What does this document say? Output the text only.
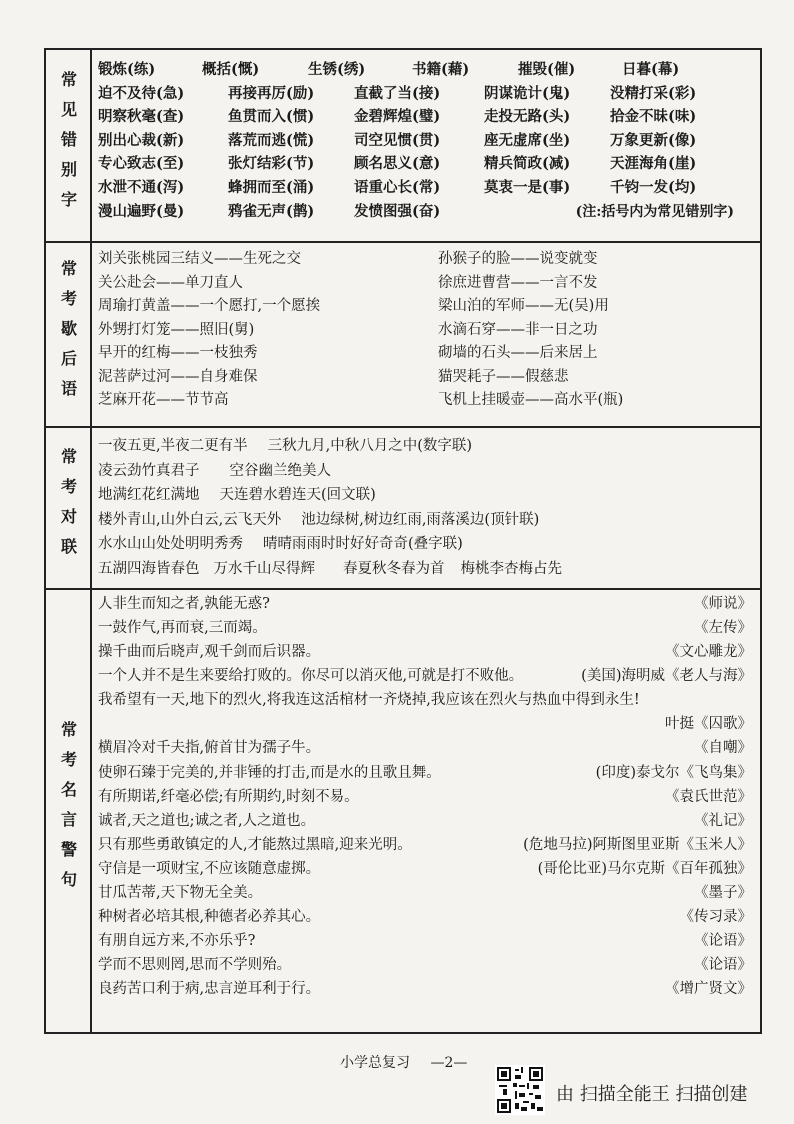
常见错别字
锻炼(练)	概括(慨)	生锈(绣)	书籍(藉)	摧毁(催)	日暮(幕)
迫不及待(急)	再接再厉(励)	直截了当(接)	阴谋诡计(鬼)	没精打采(彩)
明察秋毫(查)	鱼贯而入(惯)	金碧辉煌(璧)	走投无路(头)	拾金不昧(味)
别出心裁(新)	落荒而逃(慌)	司空见惯(贯)	座无虚席(坐)	万象更新(像)
专心致志(至)	张灯结彩(节)	顾名思义(意)	精兵简政(减)	天涯海角(崖)
水泄不通(泻)	蜂拥而至(涌)	语重心长(常)	莫衷一是(事)	千钧一发(均)
漫山遍野(曼)	鸦雀无声(鹊)	发愤图强(奋)	(注:括号内为常见错别字)
常考歇后语
刘关张桃园三结义——生死之交	孙猴子的脸——说变就变
关公赴会——单刀直人	徐庶进曹营——一言不发
周瑜打黄盖——一个愿打,一个愿挨	梁山泊的军师——无(吴)用
外甥打灯笼——照旧(舅)	水滴石穿——非一日之功
早开的红梅——一枝独秀	砌墙的石头——后来居上
泥菩萨过河——自身难保	猫哭耗子——假慈悲
芝麻开花——节节高	飞机上挂暖壶——高水平(瓶)
常考对联
一夜五更,半夜二更有半 三秋九月,中秋八月之中(数字联)
凌云劲竹真君子 空谷幽兰绝美人
地满红花红满地 天连碧水碧连天(回文联)
楼外青山,山外白云,云飞天外 池边绿树,树边红雨,雨落溪边(顶针联)
水水山山处处明明秀秀 晴晴雨雨时时好好奇奇(叠字联)
五湖四海皆春色 万水千山尽得辉 春夏秋冬春为首 梅桃李杏梅占先
常考名言警句
人非生而知之者,孰能无惑?	《师说》
一鼓作气,再而衰,三而竭。	《左传》
操千曲而后晓声,观千剑而后识器。	《文心雕龙》
一个人并不是生来要给打败的。你尽可以消灭他,可就是打不败他。	(美国)海明威《老人与海》
我希望有一天,地下的烈火,将我连这活棺材一齐烧掉,我应该在烈火与热血中得到永生!
叶挺《囚歌》
横眉冷对千夫指,俯首甘为孺子牛。	《自嘲》
使卵石臻于完美的,并非锤的打击,而是水的且歌且舞。	(印度)泰戈尔《飞鸟集》
有所期诺,纤毫必偿;有所期约,时刻不易。	《袁氏世范》
诚者,天之道也;诚之者,人之道也。	《礼记》
只有那些勇敢镇定的人,才能熬过黑暗,迎来光明。	(危地马拉)阿斯图里亚斯《玉米人》
守信是一项财宝,不应该随意虚掷。	(哥伦比亚)马尔克斯《百年孤独》
甘瓜苦蒂,天下物无全美。	《墨子》
种树者必培其根,种德者必养其心。	《传习录》
有朋自远方来,不亦乐乎?	《论语》
学而不思则罔,思而不学则殆。	《论语》
良药苦口利于病,忠言逆耳利于行。	《增广贤文》
小学总复习 —2—
由 扫描全能王 扫描创建
